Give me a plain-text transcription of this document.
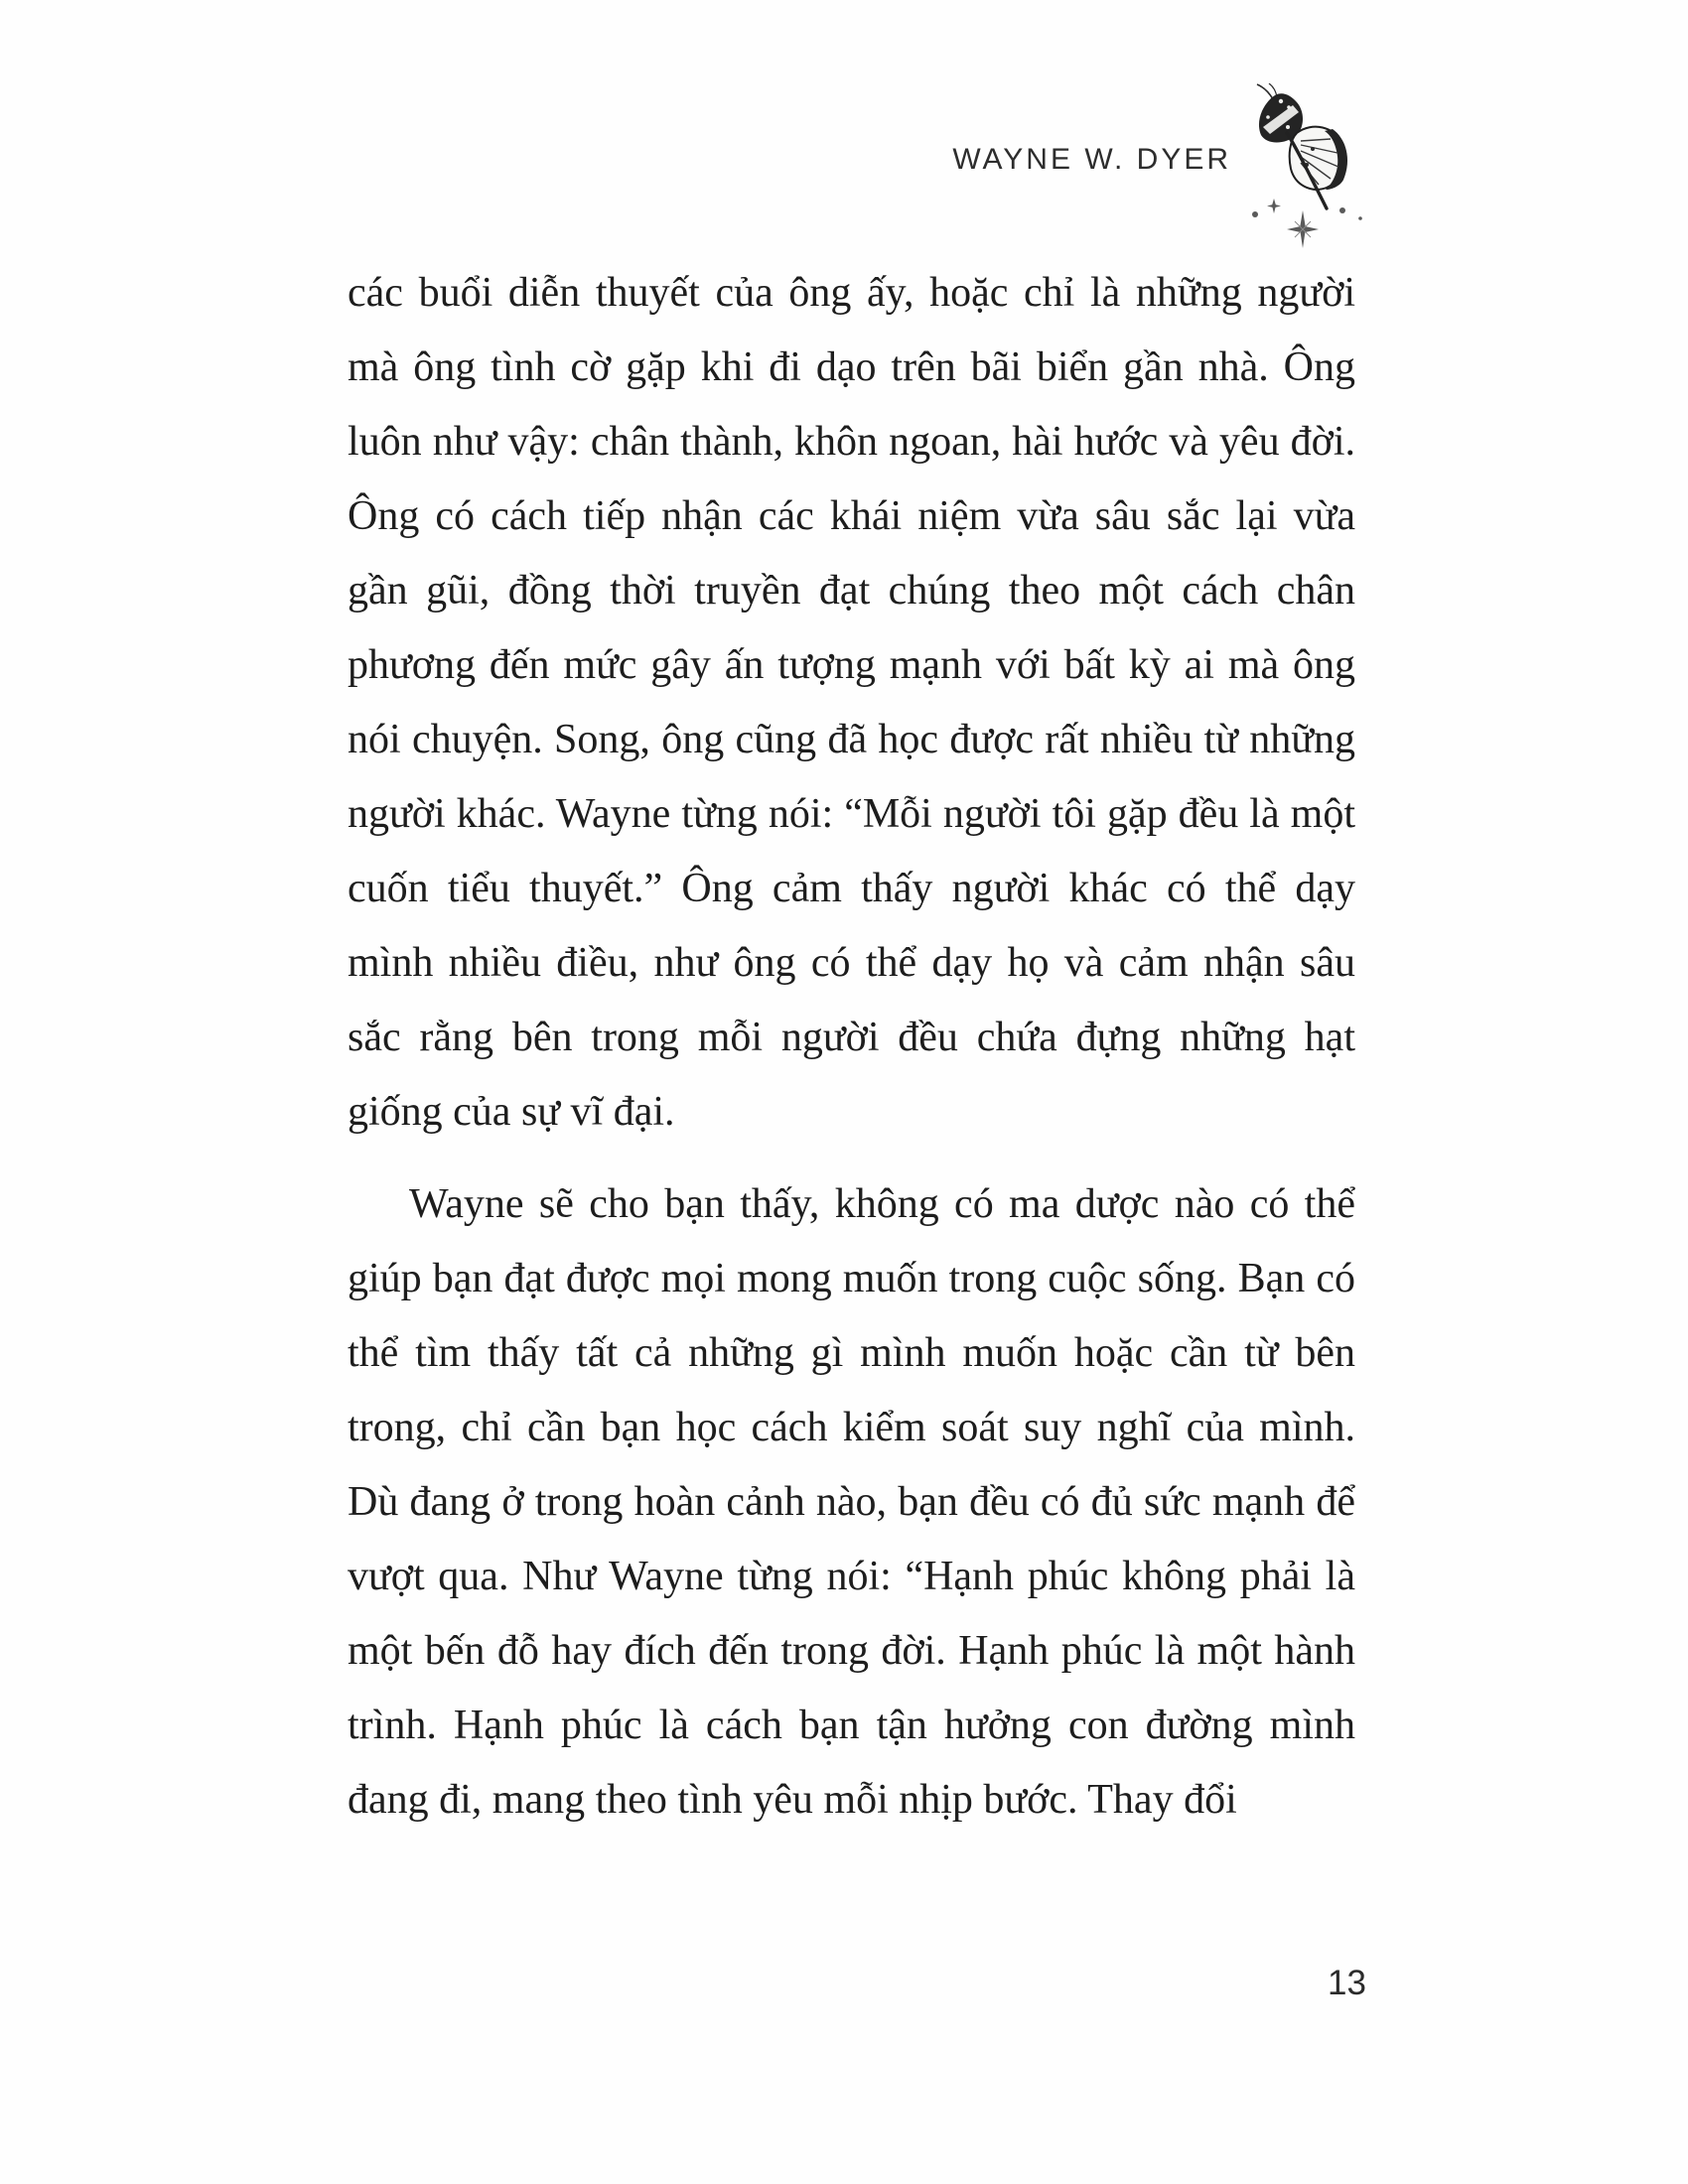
WAYNE W. DYER

các buổi diễn thuyết của ông ấy, hoặc chỉ là những người mà ông tình cờ gặp khi đi dạo trên bãi biển gần nhà. Ông luôn như vậy: chân thành, khôn ngoan, hài hước và yêu đời. Ông có cách tiếp nhận các khái niệm vừa sâu sắc lại vừa gần gũi, đồng thời truyền đạt chúng theo một cách chân phương đến mức gây ấn tượng mạnh với bất kỳ ai mà ông nói chuyện. Song, ông cũng đã học được rất nhiều từ những người khác. Wayne từng nói: “Mỗi người tôi gặp đều là một cuốn tiểu thuyết.” Ông cảm thấy người khác có thể dạy mình nhiều điều, như ông có thể dạy họ và cảm nhận sâu sắc rằng bên trong mỗi người đều chứa đựng những hạt giống của sự vĩ đại.

Wayne sẽ cho bạn thấy, không có ma dược nào có thể giúp bạn đạt được mọi mong muốn trong cuộc sống. Bạn có thể tìm thấy tất cả những gì mình muốn hoặc cần từ bên trong, chỉ cần bạn học cách kiểm soát suy nghĩ của mình. Dù đang ở trong hoàn cảnh nào, bạn đều có đủ sức mạnh để vượt qua. Như Wayne từng nói: “Hạnh phúc không phải là một bến đỗ hay đích đến trong đời. Hạnh phúc là một hành trình. Hạnh phúc là cách bạn tận hưởng con đường mình đang đi, mang theo tình yêu mỗi nhịp bước. Thay đổi

13
